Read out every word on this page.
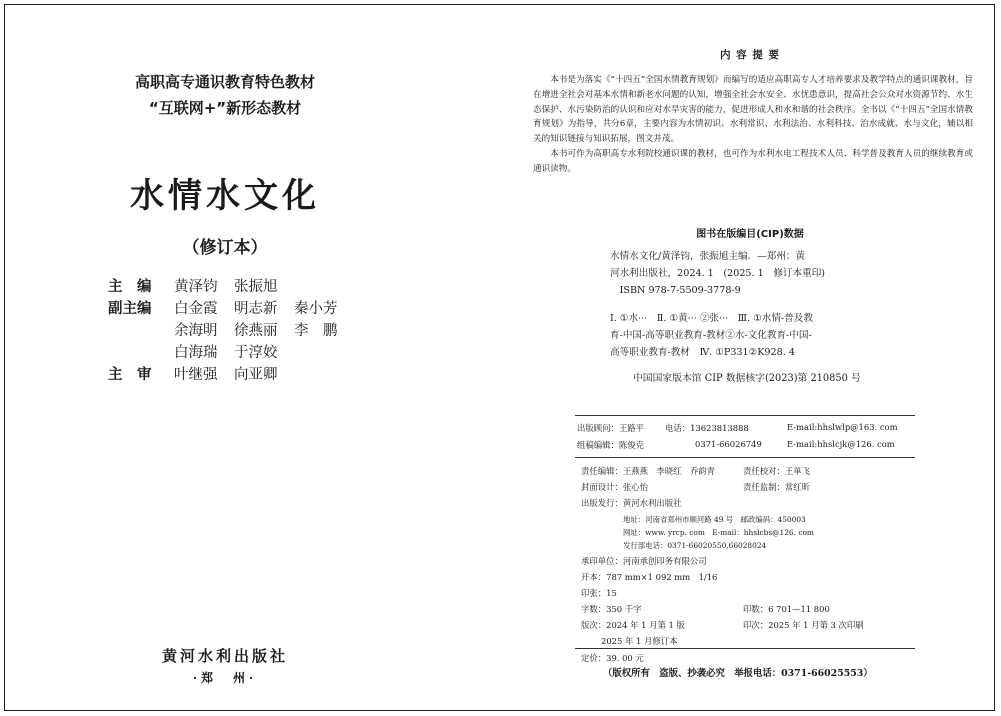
高职高专通识教育特色教材
“互联网+”新形态教材
水情水文化
（修订本）
主　编	黄泽钧 张振旭
副主编	白金霞 明志新 秦小芳
余海明 徐燕丽 李　鹏
白海瑞 于淳姣
主　审	叶继强 向亚卿
黄河水利出版社
·郑　州·
内 容 提 要

本书是为落实《“十四五”全国水情教育规划》而编写的适应高职高专人才培养要求及教学特点的通识课教材，旨在增进全社会对基本水情和新老水问题的认知，增强全社会水安全、水忧患意识，提高社会公众对水资源节约、水生态保护、水污染防治的认识和应对水旱灾害的能力，促进形成人和水和谐的社会秩序。全书以《“十四五”全国水情教育规划》为指导，共分6章，主要内容为水情初识、水利常识、水利法治、水利科技、治水成就、水与文化，辅以相关的知识链接与知识拓展，图文并茂。

本书可作为高职高专水利院校通识课的教材，也可作为水利水电工程技术人员、科学普及教育人员的继续教育或通识读物。

图书在版编目(CIP)数据
水情水文化/黄泽钧，张振旭主编．—郑州：黄
河水利出版社，2024. 1　(2025. 1　修订本重印)
　ISBN 978-7-5509-3778-9
Ⅰ. ①水···　Ⅱ. ①黄··· ②张···　Ⅲ. ①水情-普及教
育-中国-高等职业教育-教材②水-文化教育-中国-
高等职业教育-教材　Ⅳ. ①P331②K928. 4
中国国家版本馆 CIP 数据核字(2023)第 210850 号
出版顾问：王路平	电话：13623813888	E-mail:hhslwlp@163. com
组稿编辑：陈俊克	0371-66026749	E-mail:hhslcjk@126. com
责任编辑：王燕燕　李晓红　乔韵青	责任校对：王单飞
封面设计：张心怡	责任监制：常红昕
出版发行：黄河水利出版社
地址：河南省郑州市顺河路 49 号　邮政编码：450003
网址：www. yrcp. com　E-mail：hhslcbs@126. com
发行部电话：0371-66020550,66028024
承印单位：河南承创印务有限公司
开本：787 mm×1 092 mm　1/16
印张：15
字数：350 千字	印数：6 701—11 800
版次：2024 年 1 月第 1 版	印次：2025 年 1 月第 3 次印刷
2025 年 1 月修订本
定价：39. 00 元
（版权所有　盗版、抄袭必究　举报电话：0371-66025553）
